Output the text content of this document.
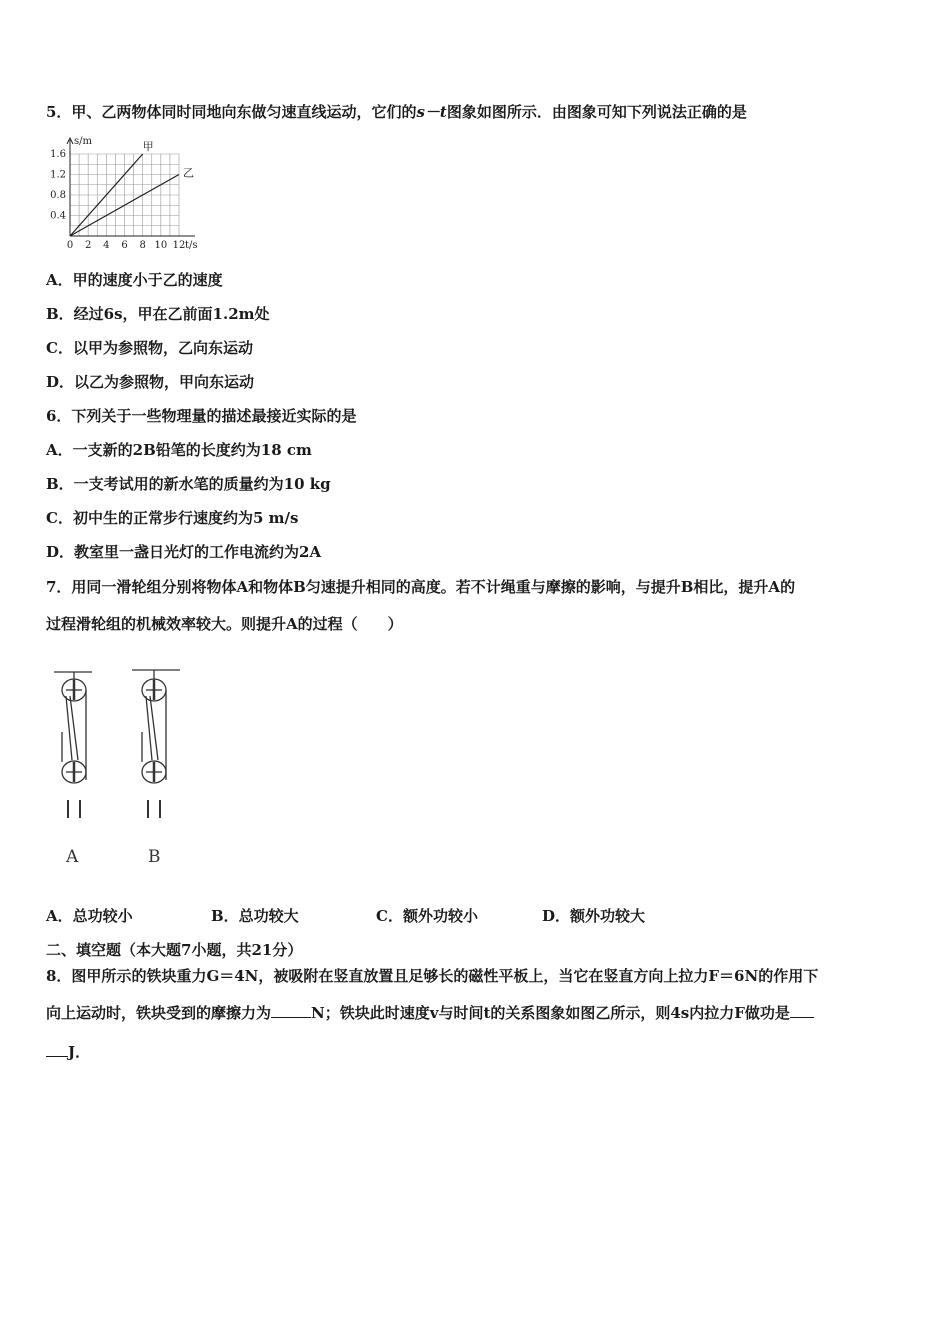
5．甲、乙两物体同时同地向东做匀速直线运动，它们的s－t图象如图所示．由图象可知下列说法正确的是
0 2 4 6 8 10 12
0.4
0.8
1.2
1.6
t/s
s/m	甲
乙
A．甲的速度小于乙的速度
B．经过6s，甲在乙前面1.2m处
C．以甲为参照物，乙向东运动
D．以乙为参照物，甲向东运动
6．下列关于一些物理量的描述最接近实际的是
A．一支新的2B铅笔的长度约为18 cm
B．一支考试用的新水笔的质量约为10 kg
C．初中生的正常步行速度约为5 m/s
D．教室里一盏日光灯的工作电流约为2A
7．用同一滑轮组分别将物体A和物体B匀速提升相同的高度。若不计绳重与摩擦的影响，与提升B相比，提升A的
过程滑轮组的机械效率较大。则提升A的过程（　　）
A	B
A．总功较小	B．总功较大	C．额外功较小	D．额外功较大
二、填空题（本大题7小题，共21分）
8．图甲所示的铁块重力G＝4N，被吸附在竖直放置且足够长的磁性平板上，当它在竖直方向上拉力F＝6N的作用下
向上运动时，铁块受到的摩擦力为	N；铁块此时速度v与时间t的关系图象如图乙所示，则4s内拉力F做功是
J．
